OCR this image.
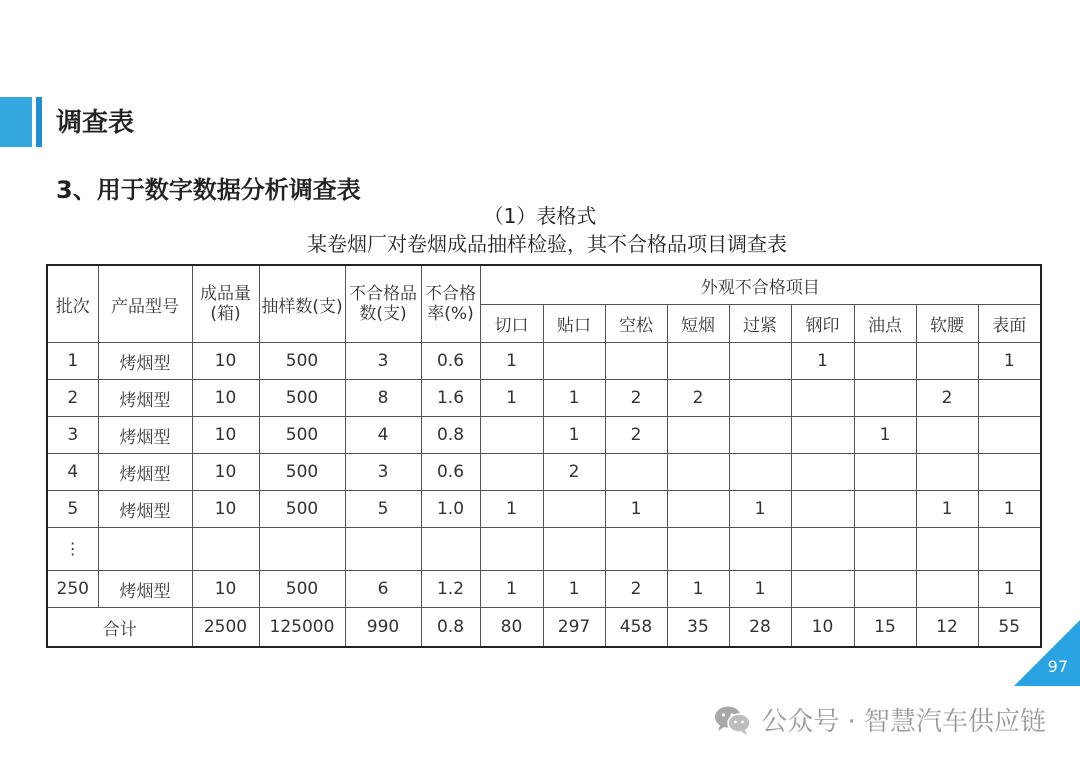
调查表
3、用于数字数据分析调查表
（1）表格式
某卷烟厂对卷烟成品抽样检验，其不合格品项目调查表
批次	产品型号	成品量(箱)	抽样数(支)	不合格品数(支)	不合格率(%)	外观不合格项目								
						切口	贴口	空松	短烟	过紧	钢印	油点	软腰	表面
1	烤烟型	10	500	3	0.6	1					1			1
2	烤烟型	10	500	8	1.6	1	1	2	2				2	
3	烤烟型	10	500	4	0.8		1	2				1		
4	烤烟型	10	500	3	0.6		2							
5	烤烟型	10	500	5	1.0	1		1		1			1	1
⋮														
250	烤烟型	10	500	6	1.2	1	1	2	1	1				1
合计		2500	125000	990	0.8	80	297	458	35	28	10	15	12	55
97
公众号 · 智慧汽车供应链
